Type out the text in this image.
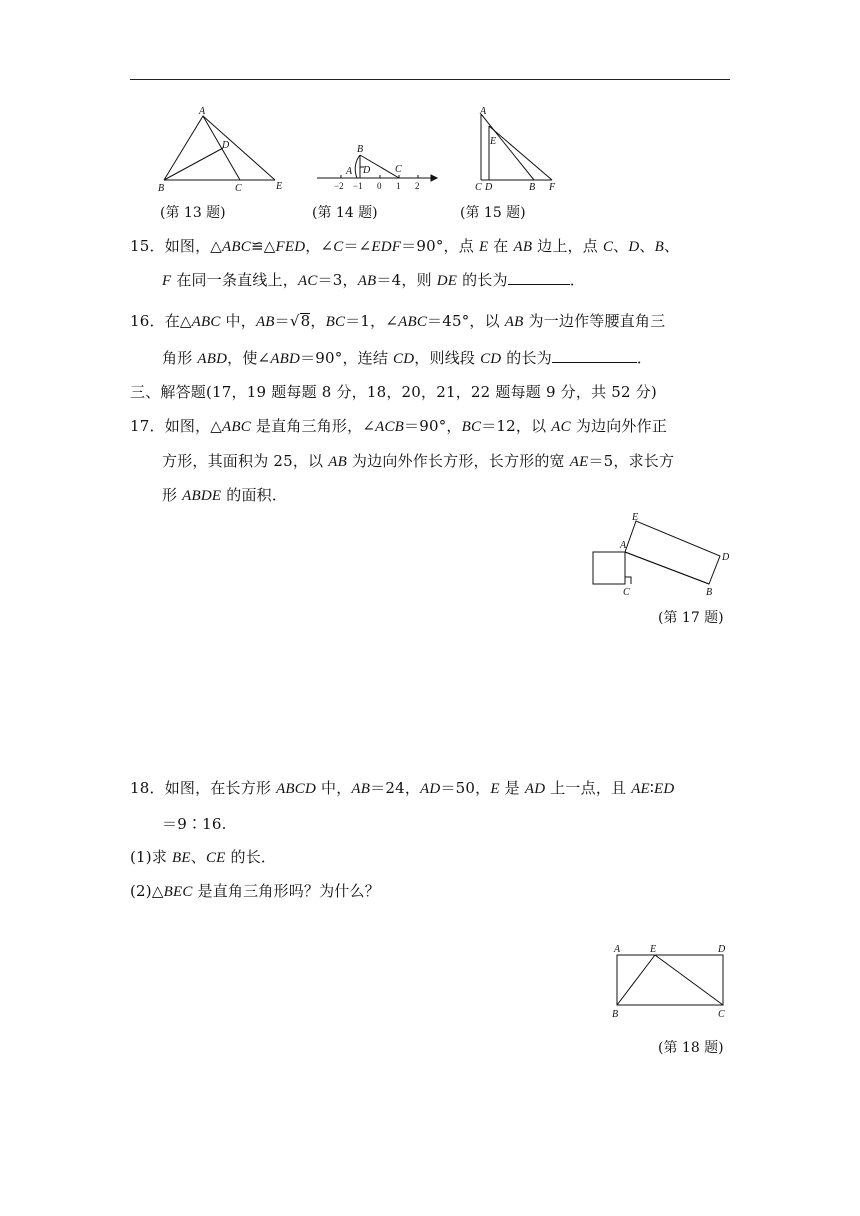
A
B	C
D
E
(第 13 题)
B
A D C
−2 −1 0 1 2
(第 14 题)
A
E
C D	B F
(第 15 题)
15．如图，△ABC≌△FED，∠C＝∠EDF＝90°，点 E 在 AB 边上，点 C、D、B、
F 在同一条直线上，AC＝3，AB＝4，则 DE 的长为	．
16．在△ABC 中，AB＝√8，BC＝1，∠ABC＝45°，以 AB 为一边作等腰直角三
角形 ABD，使∠ABD＝90°，连结 CD，则线段 CD 的长为	．
三、解答题(17，19 题每题 8 分，18，20，21，22 题每题 9 分，共 52 分)
17．如图，△ABC 是直角三角形，∠ACB＝90°，BC＝12，以 AC 为边向外作正
方形，其面积为 25，以 AB 为边向外作长方形，长方形的宽 AE＝5，求长方
形 ABDE 的面积．
E
A
D
C	B
(第 17 题)
18．如图，在长方形 ABCD 中，AB＝24，AD＝50，E 是 AD 上一点，且 AE∶ED
＝9∶16.
(1)求 BE、CE 的长．
(2)△BEC 是直角三角形吗？为什么？
A	E	D
B	C
(第 18 题)
